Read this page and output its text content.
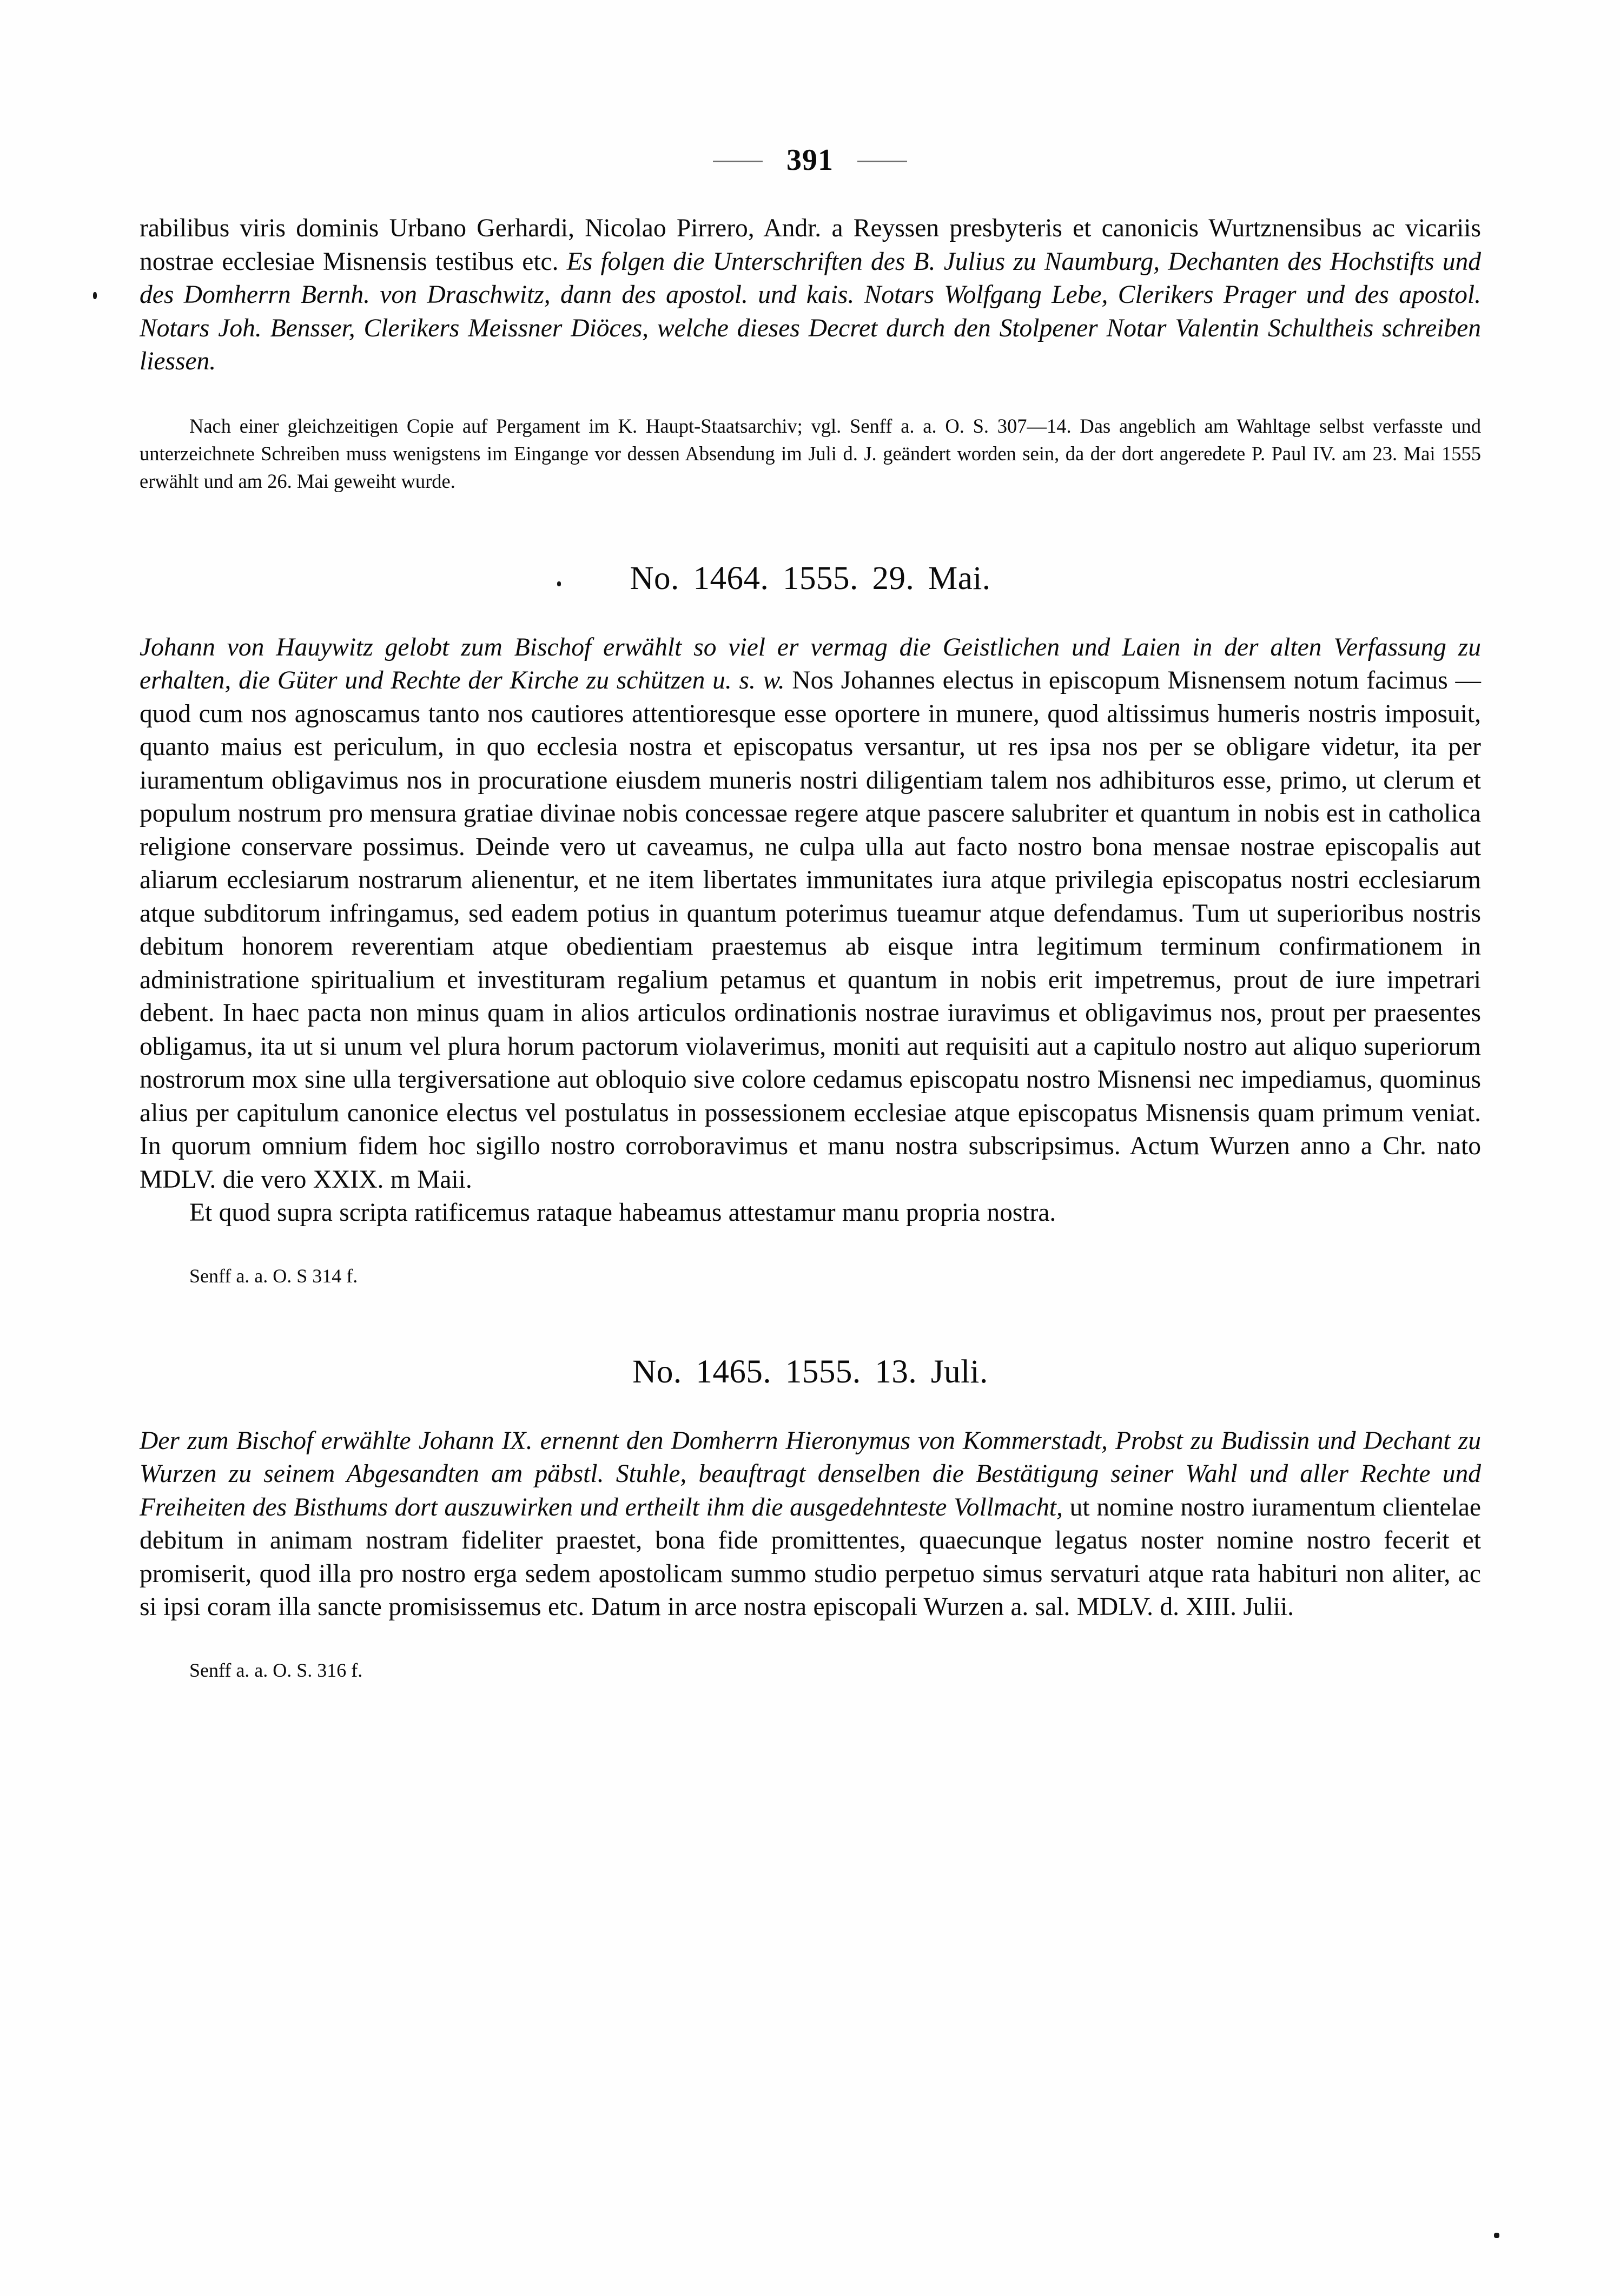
391

rabilibus viris dominis Urbano Gerhardi, Nicolao Pirrero, Andr. a Reyssen presbyteris et canonicis Wurtznensibus ac vicariis nostrae ecclesiae Misnensis testibus etc. Es folgen die Unterschriften des B. Julius zu Naumburg, Dechanten des Hochstifts und des Domherrn Bernh. von Draschwitz, dann des apostol. und kais. Notars Wolfgang Lebe, Clerikers Prager und des apostol. Notars Joh. Bensser, Clerikers Meissner Diöces, welche dieses Decret durch den Stolpener Notar Valentin Schultheis schreiben liessen.

Nach einer gleichzeitigen Copie auf Pergament im K. Haupt-Staatsarchiv; vgl. Senff a. a. O. S. 307—14. Das angeblich am Wahltage selbst verfasste und unterzeichnete Schreiben muss wenigstens im Eingange vor dessen Absendung im Juli d. J. geändert worden sein, da der dort angeredete P. Paul IV. am 23. Mai 1555 erwählt und am 26. Mai geweiht wurde.
No. 1464. 1555. 29. Mai.

Johann von Hauywitz gelobt zum Bischof erwählt so viel er vermag die Geistlichen und Laien in der alten Verfassung zu erhalten, die Güter und Rechte der Kirche zu schützen u. s. w. Nos Johannes electus in episcopum Misnensem notum facimus — quod cum nos agnoscamus tanto nos cautiores attentioresque esse oportere in munere, quod altissimus humeris nostris imposuit, quanto maius est periculum, in quo ecclesia nostra et episcopatus versantur, ut res ipsa nos per se obligare videtur, ita per iuramentum obligavimus nos in procuratione eiusdem muneris nostri diligentiam talem nos adhibituros esse, primo, ut clerum et populum nostrum pro mensura gratiae divinae nobis concessae regere atque pascere salubriter et quantum in nobis est in catholica religione conservare possimus. Deinde vero ut caveamus, ne culpa ulla aut facto nostro bona mensae nostrae episcopalis aut aliarum ecclesiarum nostrarum alienentur, et ne item libertates immunitates iura atque privilegia episcopatus nostri ecclesiarum atque subditorum infringamus, sed eadem potius in quantum poterimus tueamur atque defendamus. Tum ut superioribus nostris debitum honorem reverentiam atque obedientiam praestemus ab eisque intra legitimum terminum confirmationem in administratione spiritualium et investituram regalium petamus et quantum in nobis erit impetremus, prout de iure impetrari debent. In haec pacta non minus quam in alios articulos ordinationis nostrae iuravimus et obligavimus nos, prout per praesentes obligamus, ita ut si unum vel plura horum pactorum violaverimus, moniti aut requisiti aut a capitulo nostro aut aliquo superiorum nostrorum mox sine ulla tergiversatione aut obloquio sive colore cedamus episcopatu nostro Misnensi nec impediamus, quominus alius per capitulum canonice electus vel postulatus in possessionem ecclesiae atque episcopatus Misnensis quam primum veniat. In quorum omnium fidem hoc sigillo nostro corroboravimus et manu nostra subscripsimus. Actum Wurzen anno a Chr. nato MDLV. die vero XXIX. m Maii.

Et quod supra scripta ratificemus rataque habeamus attestamur manu propria nostra.

Senff a. a. O. S 314 f.
No. 1465. 1555. 13. Juli.

Der zum Bischof erwählte Johann IX. ernennt den Domherrn Hieronymus von Kommerstadt, Probst zu Budissin und Dechant zu Wurzen zu seinem Abgesandten am päbstl. Stuhle, beauftragt denselben die Bestätigung seiner Wahl und aller Rechte und Freiheiten des Bisthums dort auszuwirken und ertheilt ihm die ausgedehnteste Vollmacht, ut nomine nostro iuramentum clientelae debitum in animam nostram fideliter praestet, bona fide promittentes, quaecunque legatus noster nomine nostro fecerit et promiserit, quod illa pro nostro erga sedem apostolicam summo studio perpetuo simus servaturi atque rata habituri non aliter, ac si ipsi coram illa sancte promisissemus etc. Datum in arce nostra episcopali Wurzen a. sal. MDLV. d. XIII. Julii.

Senff a. a. O. S. 316 f.
